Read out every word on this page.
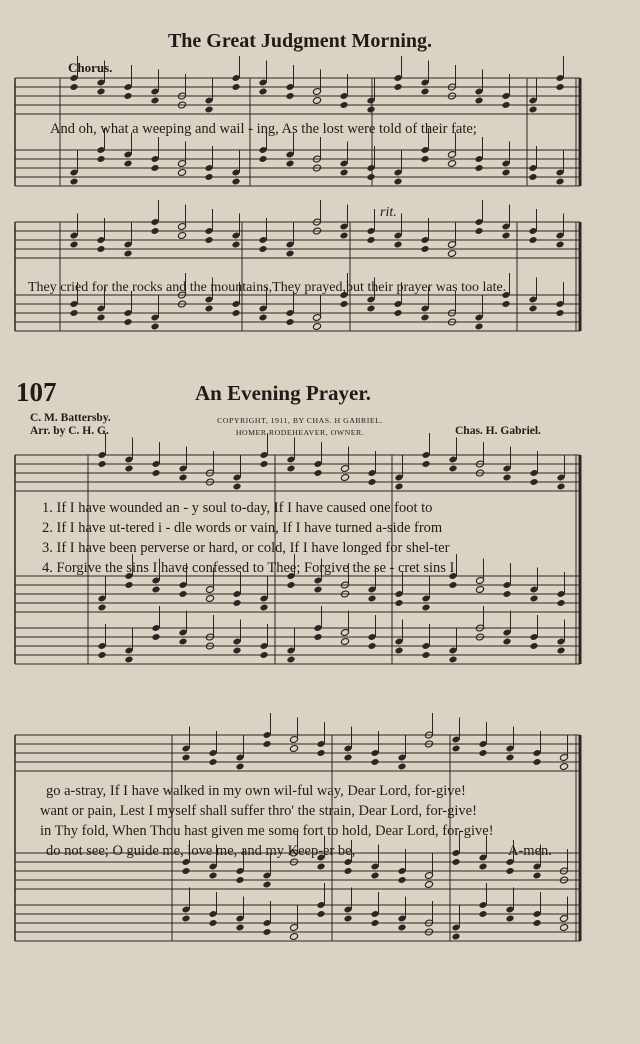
The Great Judgment Morning.
Chorus.
And oh, what a weeping and wail - ing, As the lost were told of their fate;
rit.
They cried for the rocks and the mountains,They prayed,but their prayer was too late.
107	An Evening Prayer.
C. M. Battersby.
Arr. by C. H. G.
COPYRIGHT, 1911, BY CHAS. H GABRIEL.
HOMER RODEHEAVER, OWNER.	Chas. H. Gabriel.
1. If I have wounded an - y soul to-day, If I have caused one foot to
2. If I have ut-tered i - dle words or vain, If I have turned a-side from
3. If I have been perverse or hard, or cold, If I have longed for shel-ter
4. Forgive the sins I have confessed to Thee; Forgive the se - cret sins I
go a-stray, If I have walked in my own wil-ful way, Dear Lord, for-give!
want or pain, Lest I myself shall suffer thro' the strain, Dear Lord, for-give!
in Thy fold, When Thou hast given me some fort to hold, Dear Lord, for-give!
do not see; O guide me, love me, and my Keep-er be,	A-men.
